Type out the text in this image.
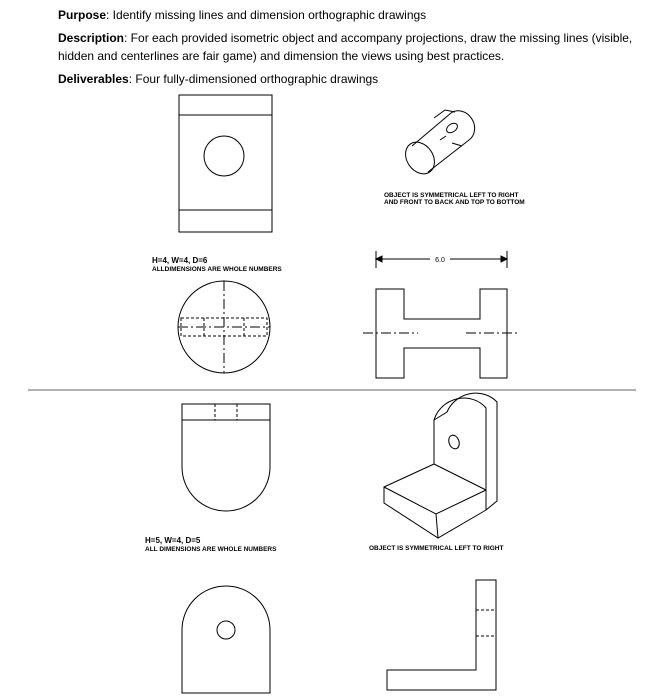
Purpose: Identify missing lines and dimension orthographic drawings

Description: For each provided isometric object and accompany projections, draw the missing lines (visible, hidden and centerlines are fair game) and dimension the views using best practices.

Deliverables: Four fully-dimensioned orthographic drawings

6.0
OBJECT IS SYMMETRICAL LEFT TO RIGHT
AND FRONT TO BACK AND TOP TO BOTTOM
H=4, W=4, D=6
ALLDIMENSIONS ARE WHOLE NUMBERS
H=5, W=4, D=5
ALL DIMENSIONS ARE WHOLE NUMBERS	OBJECT IS SYMMETRICAL LEFT TO RIGHT
